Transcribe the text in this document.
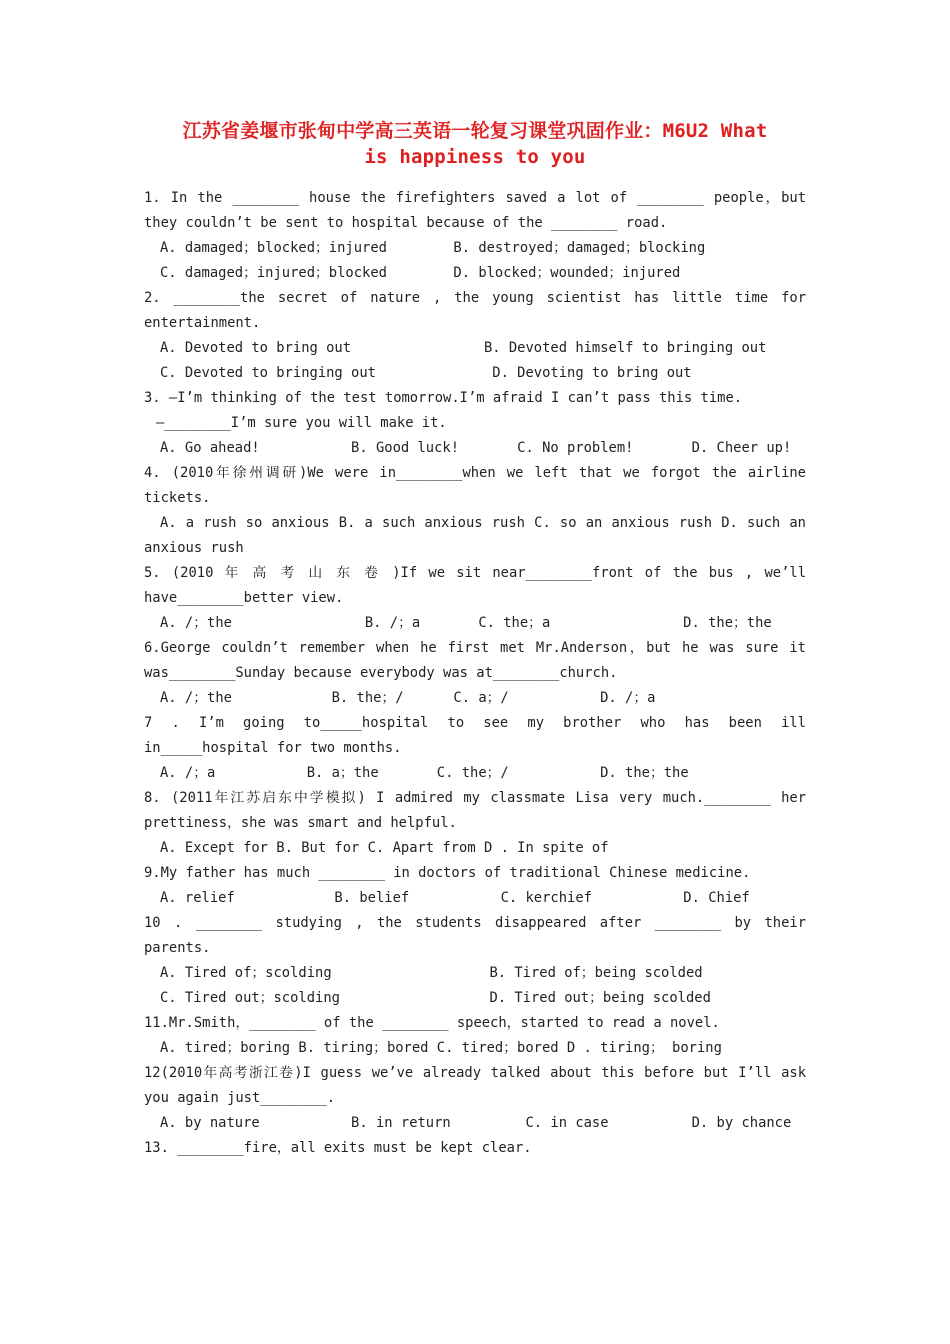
江苏省姜堰市张甸中学高三英语一轮复习课堂巩固作业：M6U2 What
is happiness to you
1. In the ________ house the firefighters saved a lot of ________ people，but they couldn’t be sent to hospital because of the ________ road.
A. damaged；blocked；injured        B. destroyed；damaged；blocking
C. damaged；injured；blocked        D. blocked；wounded；injured
2. ________the secret of nature , the young scientist has little time for entertainment.
A. Devoted to bring out                B. Devoted himself to bringing out
C. Devoted to bringing out              D. Devoting to bring out
3. —I’m thinking of the test tomorrow.I’m afraid I can’t pass this time.
—________I’m sure you will make it.
A. Go ahead!           B. Good luck!       C. No problem!       D. Cheer up!
4. (2010年徐州调研)We were in________when we left that we forgot the airline tickets.
A. a rush so anxious B. a such anxious rush C. so an anxious rush D. such an anxious rush
5. (2010 年 高 考 山 东 卷 )If we sit near________front of the bus , we’ll have________better view.
A. /；the                B. /；a       C. the；a                D. the；the
6.George couldn’t remember when he first met Mr.Anderson，but he was sure it was________Sunday because everybody was at________church.
A. /；the            B. the；/      C. a；/           D. /；a
7 . I’m going to_____hospital to see my brother who has been ill in_____hospital for two months.
A. /；a           B. a；the       C. the；/           D. the；the
8. (2011年江苏启东中学模拟) I admired my classmate Lisa very much.________ her prettiness，she was smart and helpful.
A. Except for B. But for C. Apart from D . In spite of
9.My father has much ________ in doctors of traditional Chinese medicine.
A. relief            B. belief           C. kerchief           D. Chief
10 . ________ studying , the students disappeared after ________ by their parents.
A. Tired of；scolding                   B. Tired of；being scolded
C. Tired out；scolding                  D. Tired out；being scolded
11.Mr.Smith，________ of the ________ speech，started to read a novel.
A. tired；boring B. tiring；bored C. tired；bored D . tiring； boring
12(2010年高考浙江卷)I guess we’ve already talked about this before but I’ll ask you again just________.
A. by nature           B. in return         C. in case          D. by chance
13. ________fire，all exits must be kept clear.
